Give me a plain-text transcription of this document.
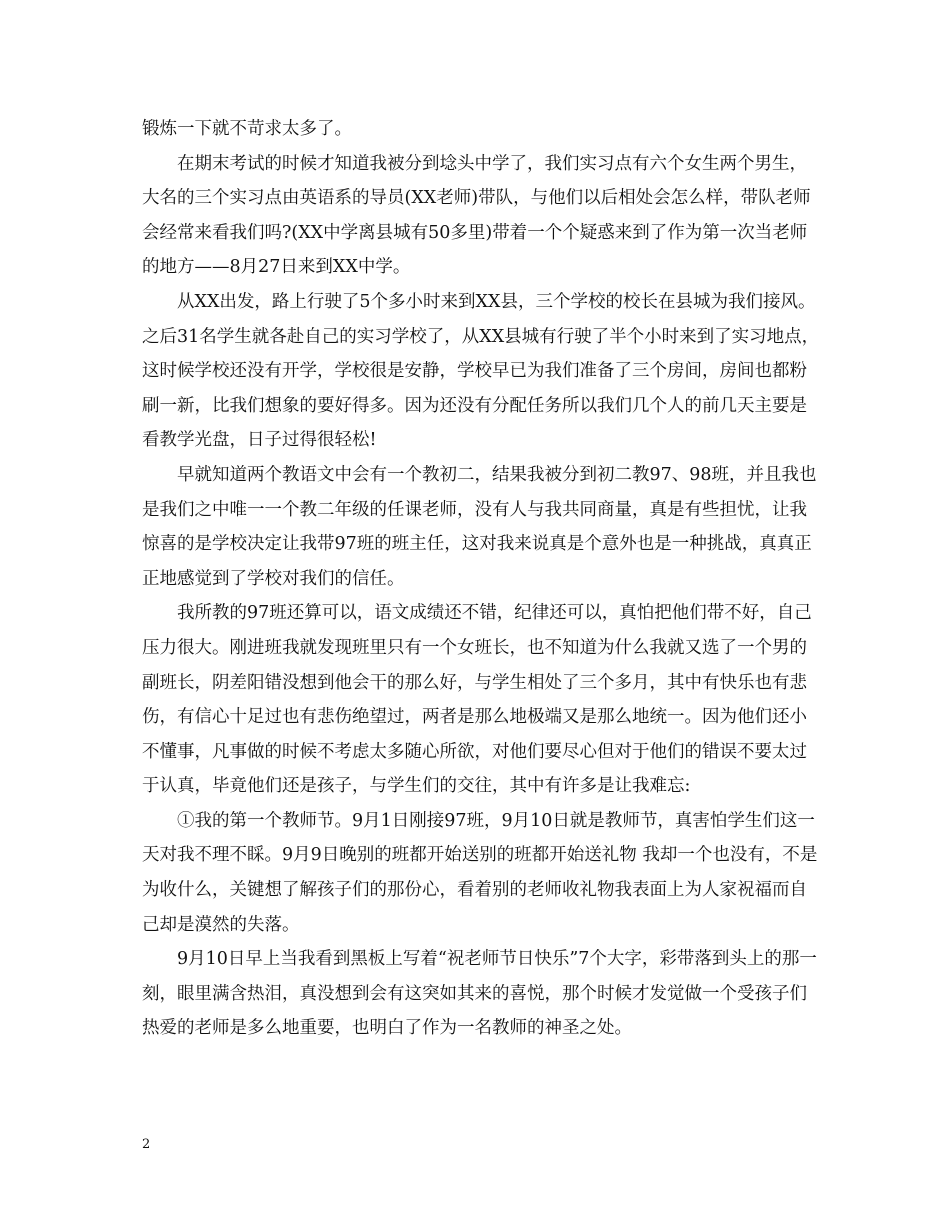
锻炼一下就不苛求太多了。

在期末考试的时候才知道我被分到埝头中学了，我们实习点有六个女生两个男生，大名的三个实习点由英语系的导员(XX老师)带队，与他们以后相处会怎么样，带队老师会经常来看我们吗?(XX中学离县城有50多里)带着一个个疑惑来到了作为第一次当老师的地方——8月27日来到XX中学。

从XX出发，路上行驶了5个多小时来到XX县，三个学校的校长在县城为我们接风。之后31名学生就各赴自己的实习学校了，从XX县城有行驶了半个小时来到了实习地点，这时候学校还没有开学，学校很是安静，学校早已为我们准备了三个房间，房间也都粉刷一新，比我们想象的要好得多。因为还没有分配任务所以我们几个人的前几天主要是看教学光盘，日子过得很轻松!

早就知道两个教语文中会有一个教初二，结果我被分到初二教97、98班，并且我也是我们之中唯一一个教二年级的任课老师，没有人与我共同商量，真是有些担忧，让我惊喜的是学校决定让我带97班的班主任，这对我来说真是个意外也是一种挑战，真真正正地感觉到了学校对我们的信任。

我所教的97班还算可以，语文成绩还不错，纪律还可以，真怕把他们带不好，自己压力很大。刚进班我就发现班里只有一个女班长，也不知道为什么我就又选了一个男的副班长，阴差阳错没想到他会干的那么好，与学生相处了三个多月，其中有快乐也有悲伤，有信心十足过也有悲伤绝望过，两者是那么地极端又是那么地统一。因为他们还小不懂事，凡事做的时候不考虑太多随心所欲，对他们要尽心但对于他们的错误不要太过于认真，毕竟他们还是孩子，与学生们的交往，其中有许多是让我难忘:

①我的第一个教师节。9月1日刚接97班，9月10日就是教师节，真害怕学生们这一天对我不理不睬。9月9日晚别的班都开始送别的班都开始送礼物 我却一个也没有，不是为收什么，关键想了解孩子们的那份心，看着别的老师收礼物我表面上为人家祝福而自己却是漠然的失落。

9月10日早上当我看到黑板上写着“祝老师节日快乐”7个大字，彩带落到头上的那一刻，眼里满含热泪，真没想到会有这突如其来的喜悦，那个时候才发觉做一个受孩子们热爱的老师是多么地重要，也明白了作为一名教师的神圣之处。

2
